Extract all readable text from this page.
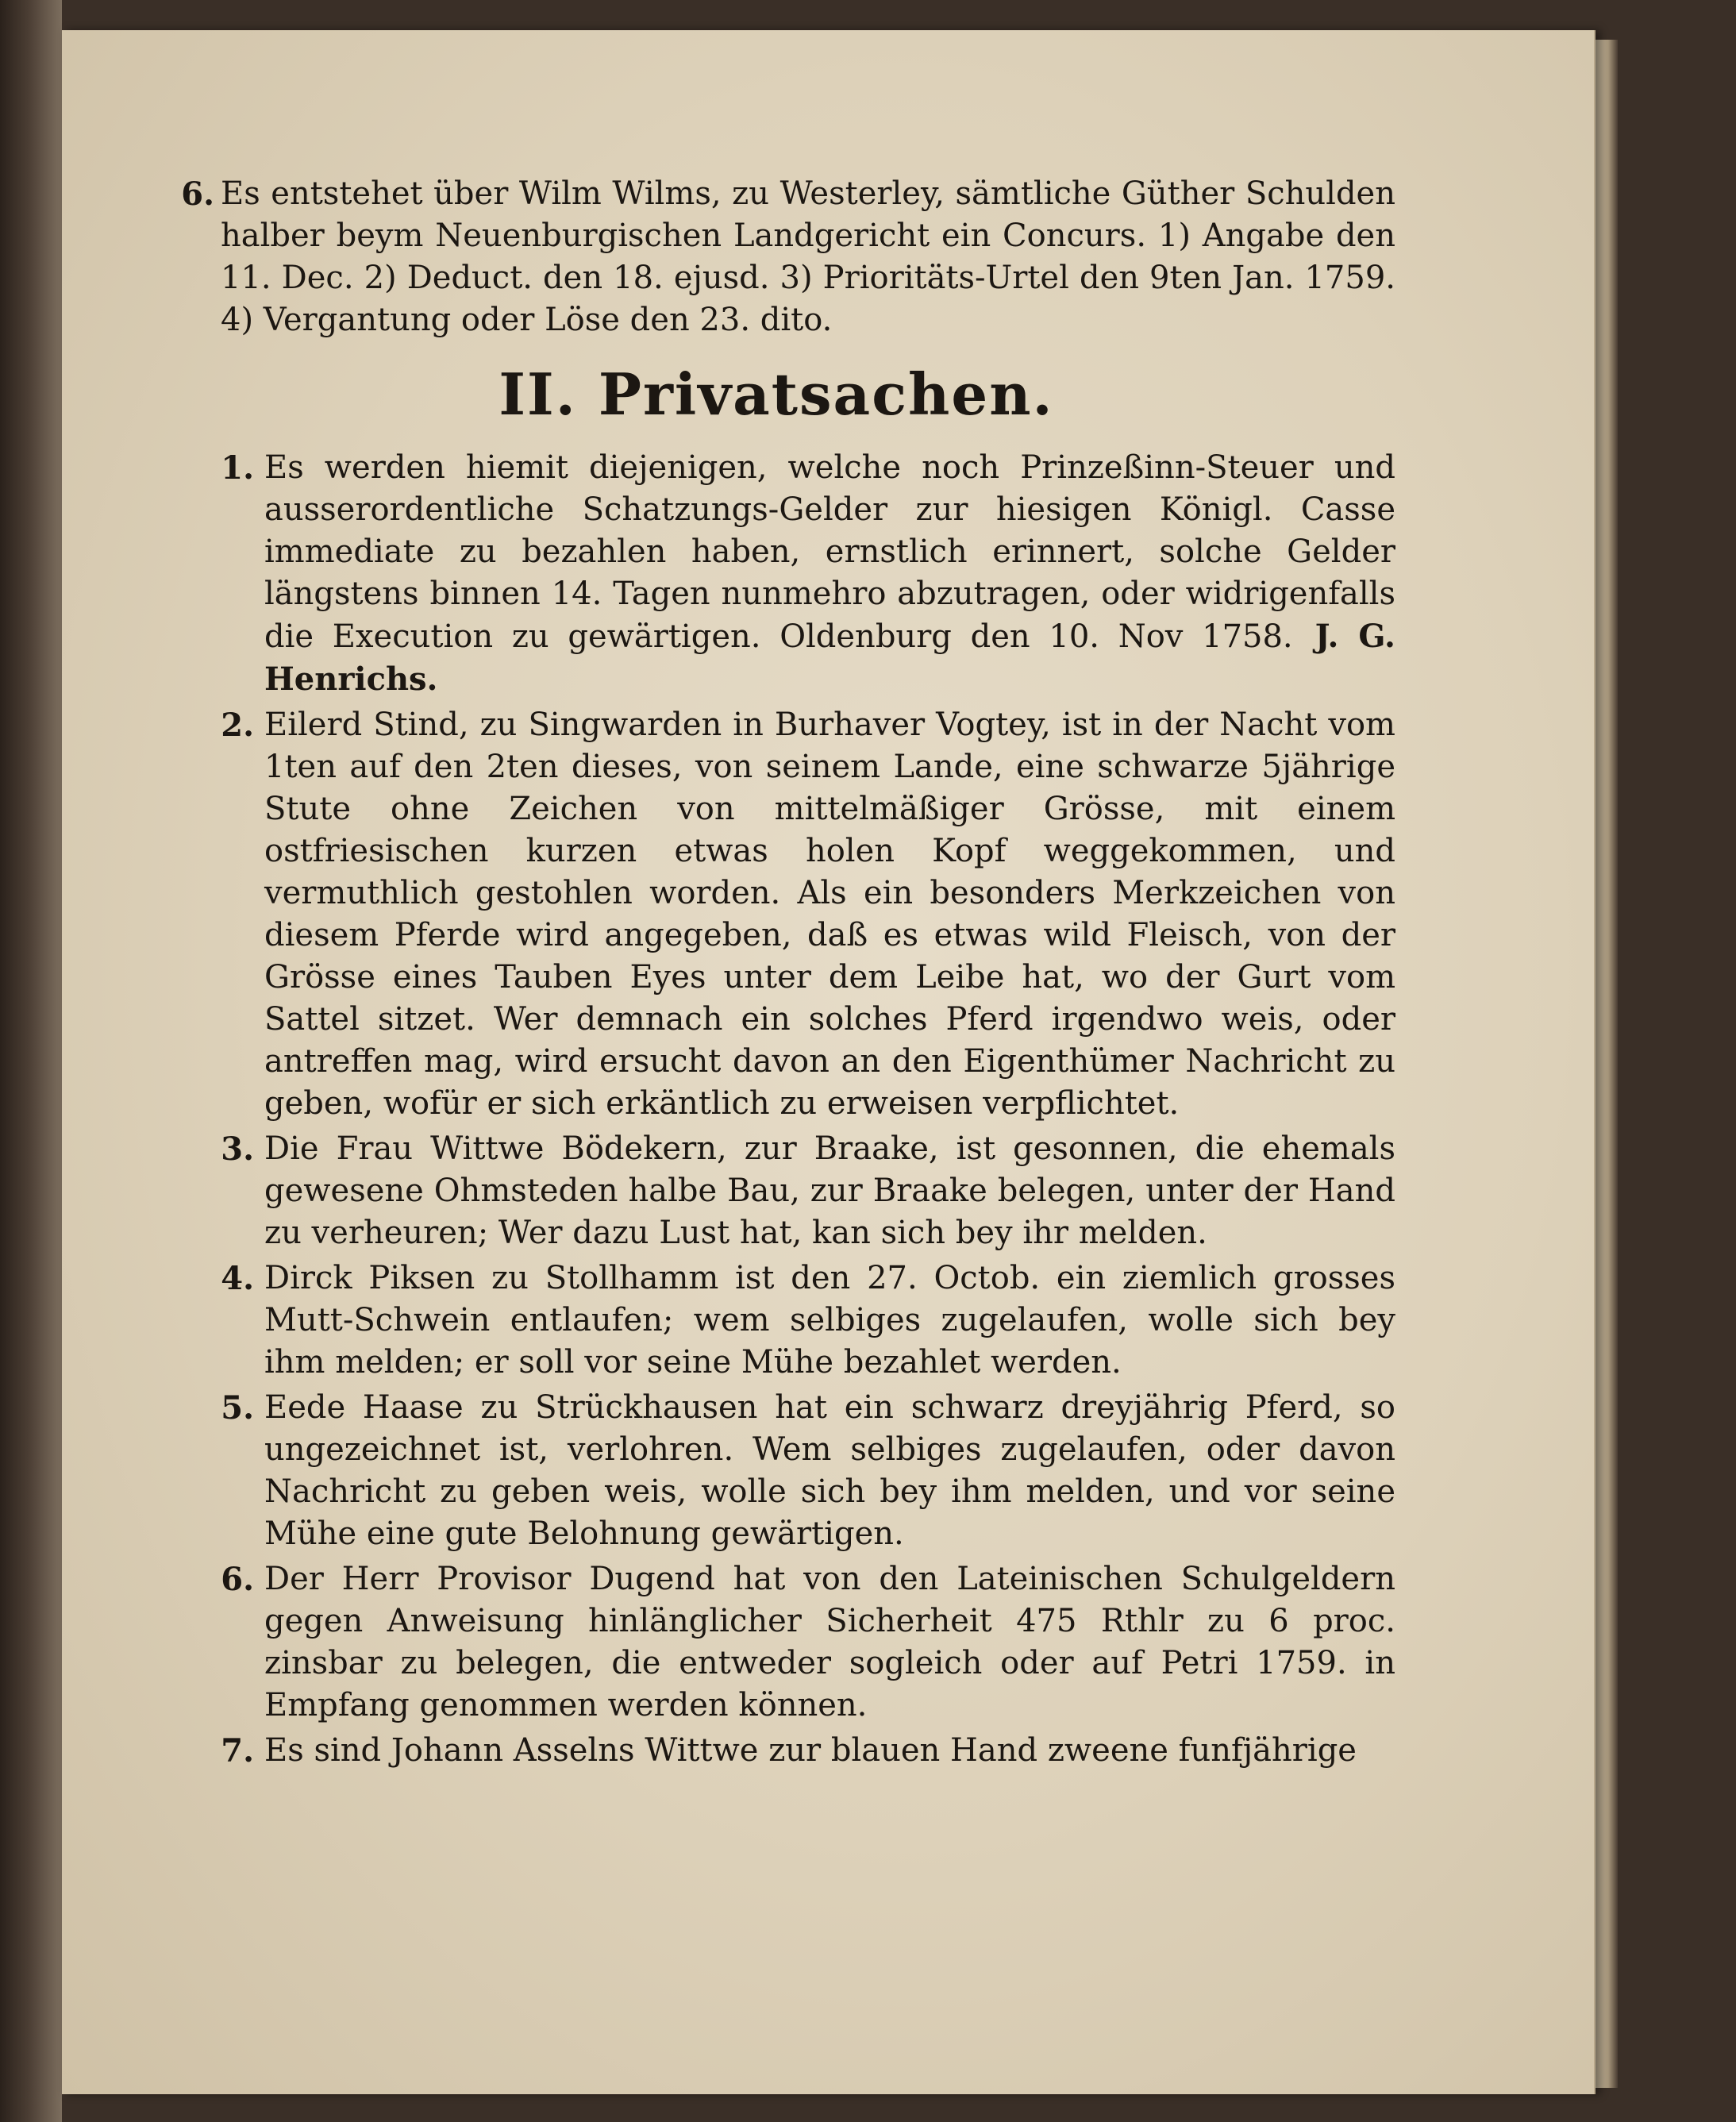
6. Es entstehet über Wilm Wilms, zu Westerley, sämtliche Güther Schulden halber beym Neuenburgischen Landgericht ein Concurs. 1) Angabe den 11. Dec. 2) Deduct. den 18. ejusd. 3) Prioritäts-Urtel den 9ten Jan. 1759. 4) Vergantung oder Löse den 23. dito.
II. Privatsachen.
1. Es werden hiemit diejenigen, welche noch Prinzeßinn-Steuer und ausserordentliche Schatzungs-Gelder zur hiesigen Königl. Casse immediate zu bezahlen haben, ernstlich erinnert, solche Gelder längstens binnen 14. Tagen nunmehro abzutragen, oder widrigenfalls die Execution zu gewärtigen. Oldenburg den 10. Nov 1758. J. G. Henrichs.
2. Eilerd Stind, zu Singwarden in Burhaver Vogtey, ist in der Nacht vom 1ten auf den 2ten dieses, von seinem Lande, eine schwarze 5jährige Stute ohne Zeichen von mittelmäßiger Grösse, mit einem ostfriesischen kurzen etwas holen Kopf weggekommen, und vermuthlich gestohlen worden. Als ein besonders Merkzeichen von diesem Pferde wird angegeben, daß es etwas wild Fleisch, von der Grösse eines Tauben Eyes unter dem Leibe hat, wo der Gurt vom Sattel sitzet. Wer demnach ein solches Pferd irgendwo weis, oder antreffen mag, wird ersucht davon an den Eigenthümer Nachricht zu geben, wofür er sich erkäntlich zu erweisen verpflichtet.
3. Die Frau Wittwe Bödekern, zur Braake, ist gesonnen, die ehemals gewesene Ohmsteden halbe Bau, zur Braake belegen, unter der Hand zu verheuren; Wer dazu Lust hat, kan sich bey ihr melden.
4. Dirck Piksen zu Stollhamm ist den 27. Octob. ein ziemlich grosses Mutt-Schwein entlaufen; wem selbiges zugelaufen, wolle sich bey ihm melden; er soll vor seine Mühe bezahlet werden.
5. Eede Haase zu Strückhausen hat ein schwarz dreyjährig Pferd, so ungezeichnet ist, verlohren. Wem selbiges zugelaufen, oder davon Nachricht zu geben weis, wolle sich bey ihm melden, und vor seine Mühe eine gute Belohnung gewärtigen.
6. Der Herr Provisor Dugend hat von den Lateinischen Schulgeldern gegen Anweisung hinlänglicher Sicherheit 475 Rthlr zu 6 proc. zinsbar zu belegen, die entweder sogleich oder auf Petri 1759. in Empfang genommen werden können.
7. Es sind Johann Asselns Wittwe zur blauen Hand zweene funfjährige
